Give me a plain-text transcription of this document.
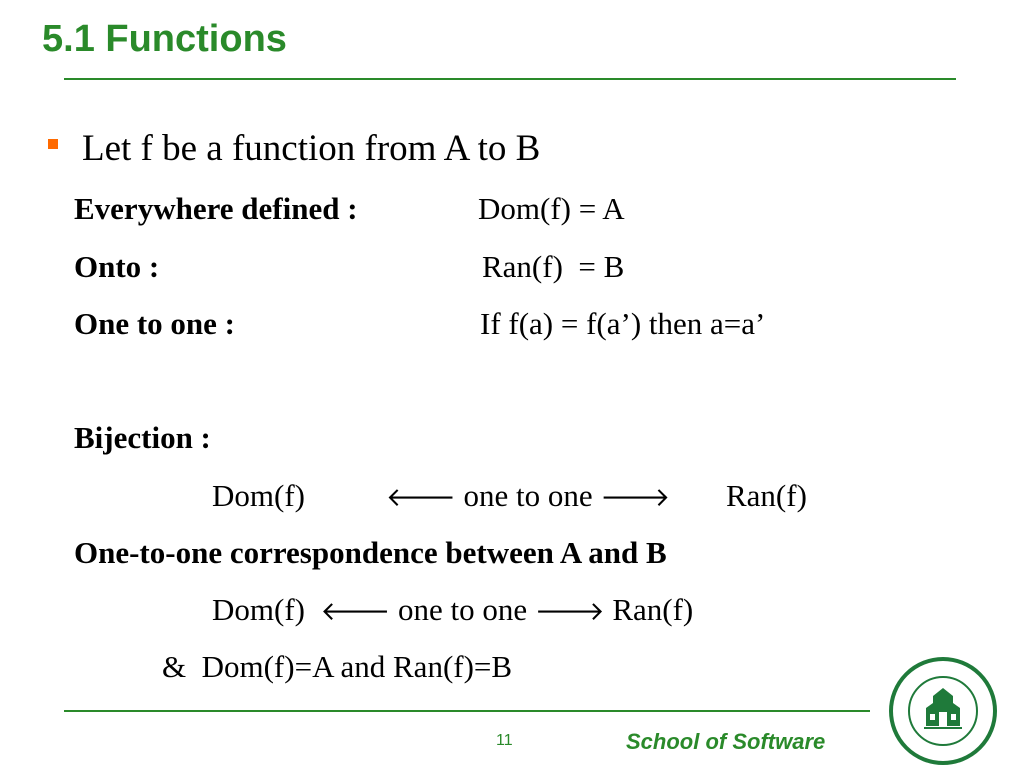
5.1 Functions
Let f be a function from A to B
Everywhere defined :	Dom(f) = A
Onto :	Ran(f)  = B
One to one :	If f(a) = f(a’) then a=a’
Bijection :
Dom(f)	🡐 one to one 🡒 Ran(f)
One-to-one correspondence between A and B
Dom(f) 🡐 one to one 🡒 Ran(f)
&  Dom(f)=A and Ran(f)=B
11	School of Software
